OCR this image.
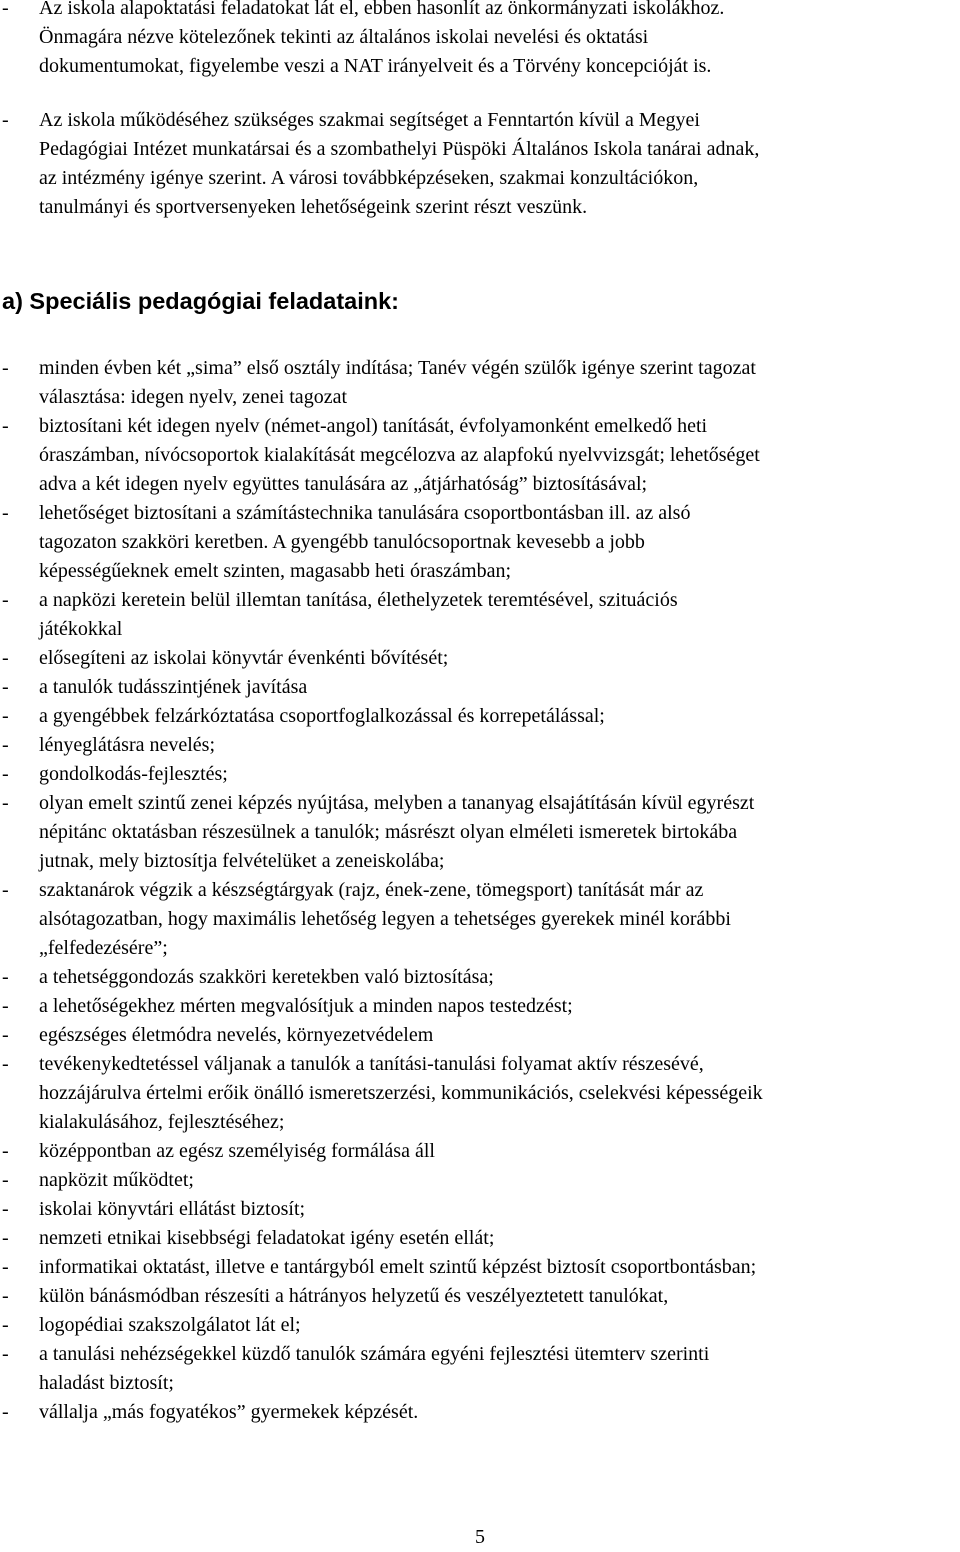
- Az iskola alapoktatási feladatokat lát el, ebben hasonlít az önkormányzati iskolákhoz.
Önmagára nézve kötelezőnek tekinti az általános iskolai nevelési és oktatási
dokumentumokat, figyelembe veszi a NAT irányelveit és a Törvény koncepcióját is.
- Az iskola működéséhez szükséges szakmai segítséget a Fenntartón kívül a Megyei
Pedagógiai Intézet munkatársai és a szombathelyi Püspöki Általános Iskola tanárai adnak,
az intézmény igénye szerint. A városi továbbképzéseken, szakmai konzultációkon,
tanulmányi és sportversenyeken lehetőségeink szerint részt veszünk.
a) Speciális pedagógiai feladataink:
- minden évben két „sima” első osztály indítása; Tanév végén szülők igénye szerint tagozat
választása: idegen nyelv, zenei tagozat
- biztosítani két idegen nyelv (német-angol) tanítását, évfolyamonként emelkedő heti
óraszámban, nívócsoportok kialakítását megcélozva az alapfokú nyelvvizsgát; lehetőséget
adva a két idegen nyelv együttes tanulására az „átjárhatóság” biztosításával;
- lehetőséget biztosítani a számítástechnika tanulására csoportbontásban ill. az alsó
tagozaton szakköri keretben. A gyengébb tanulócsoportnak kevesebb a jobb
képességűeknek emelt szinten, magasabb heti óraszámban;
- a napközi keretein belül illemtan tanítása, élethelyzetek teremtésével, szituációs
játékokkal
- elősegíteni az iskolai könyvtár évenkénti bővítését;
- a tanulók tudásszintjének javítása
- a gyengébbek felzárkóztatása csoportfoglalkozással és korrepetálással;
- lényeglátásra nevelés;
- gondolkodás-fejlesztés;
- olyan emelt szintű zenei képzés nyújtása, melyben a tananyag elsajátításán kívül egyrészt
népitánc oktatásban részesülnek a tanulók; másrészt olyan elméleti ismeretek birtokába
jutnak, mely biztosítja felvételüket a zeneiskolába;
- szaktanárok végzik a készségtárgyak (rajz, ének-zene, tömegsport) tanítását már az
alsótagozatban, hogy maximális lehetőség legyen a tehetséges gyerekek minél korábbi
„felfedezésére”;
- a tehetséggondozás szakköri keretekben való biztosítása;
- a lehetőségekhez mérten megvalósítjuk a minden napos testedzést;
- egészséges életmódra nevelés, környezetvédelem
- tevékenykedtetéssel váljanak a tanulók a tanítási-tanulási folyamat aktív részesévé,
hozzájárulva értelmi erőik önálló ismeretszerzési, kommunikációs, cselekvési képességeik
kialakulásához, fejlesztéséhez;
- középpontban az egész személyiség formálása áll
- napközit működtet;
- iskolai könyvtári ellátást biztosít;
- nemzeti etnikai kisebbségi feladatokat igény esetén ellát;
- informatikai oktatást, illetve e tantárgyból emelt szintű képzést biztosít csoportbontásban;
- külön bánásmódban részesíti a hátrányos helyzetű és veszélyeztetett tanulókat,
- logopédiai szakszolgálatot lát el;
- a tanulási nehézségekkel küzdő tanulók számára egyéni fejlesztési ütemterv szerinti
haladást biztosít;
- vállalja „más fogyatékos” gyermekek képzését.
5
